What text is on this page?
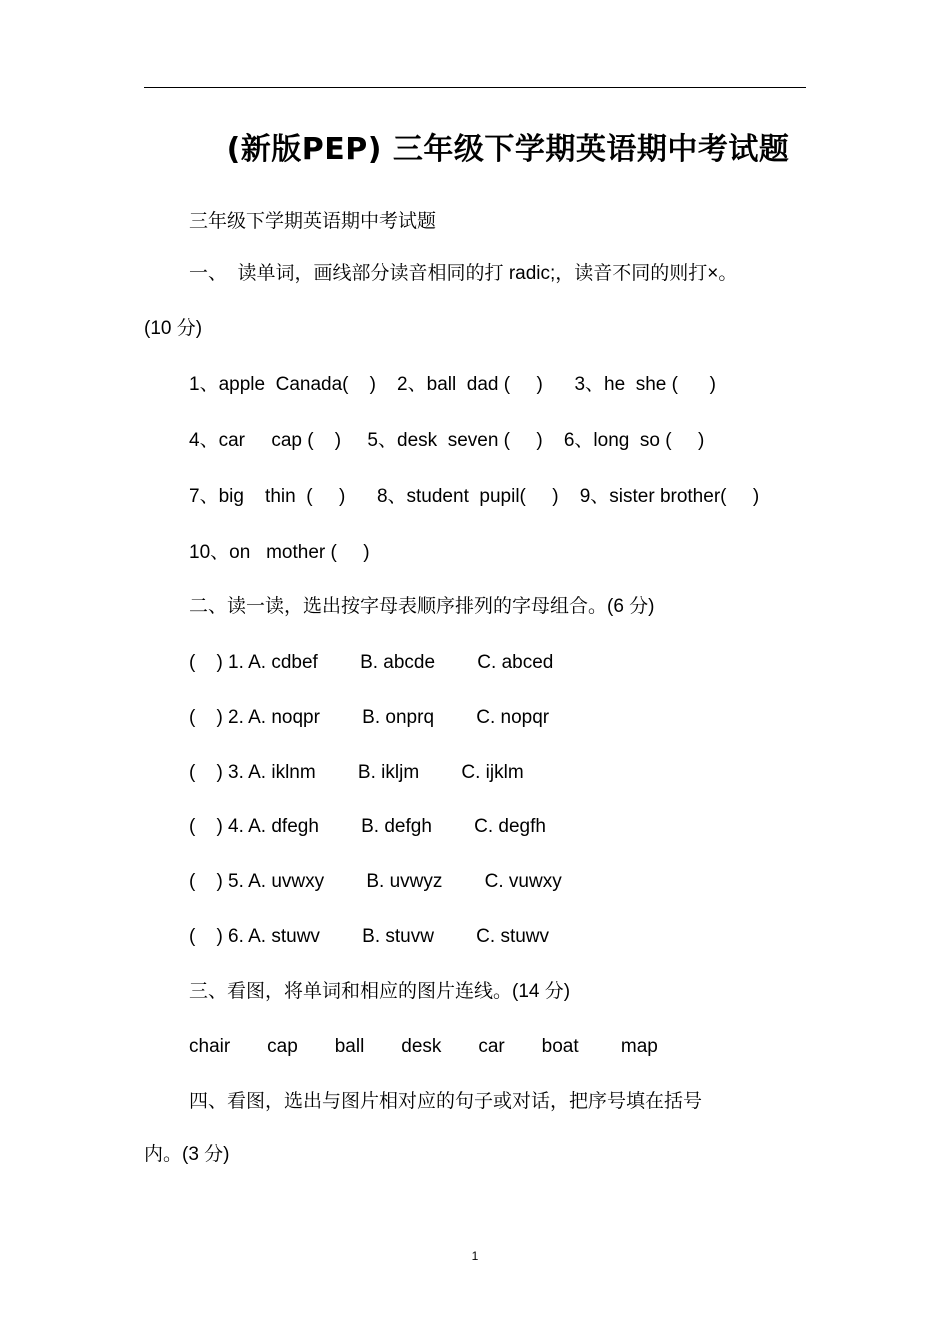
(新版PEP) 三年级下学期英语期中考试题
三年级下学期英语期中考试题
一、  读单词，画线部分读音相同的打 radic;，读音不同的则打×。
(10 分)
1、apple  Canada(    )    2、ball  dad (     )      3、he  she (      )
4、car     cap (    )     5、desk  seven (     )    6、long  so (     )
7、big    thin  (     )      8、student  pupil(     )    9、sister brother(     )
10、on   mother (     )
二、读一读，选出按字母表顺序排列的字母组合。(6 分)
(    ) 1. A. cdbef        B. abcde        C. abced
(    ) 2. A. noqpr        B. onprq        C. nopqr
(    ) 3. A. iklnm        B. ikljm        C. ijklm
(    ) 4. A. dfegh        B. defgh        C. degfh
(    ) 5. A. uvwxy        B. uvwyz        C. vuwxy
(    ) 6. A. stuwv        B. stuvw        C. stuwv
三、看图，将单词和相应的图片连线。(14 分)
chair       cap       ball       desk       car       boat        map
四、看图，选出与图片相对应的句子或对话，把序号填在括号
内。(3 分)
1
